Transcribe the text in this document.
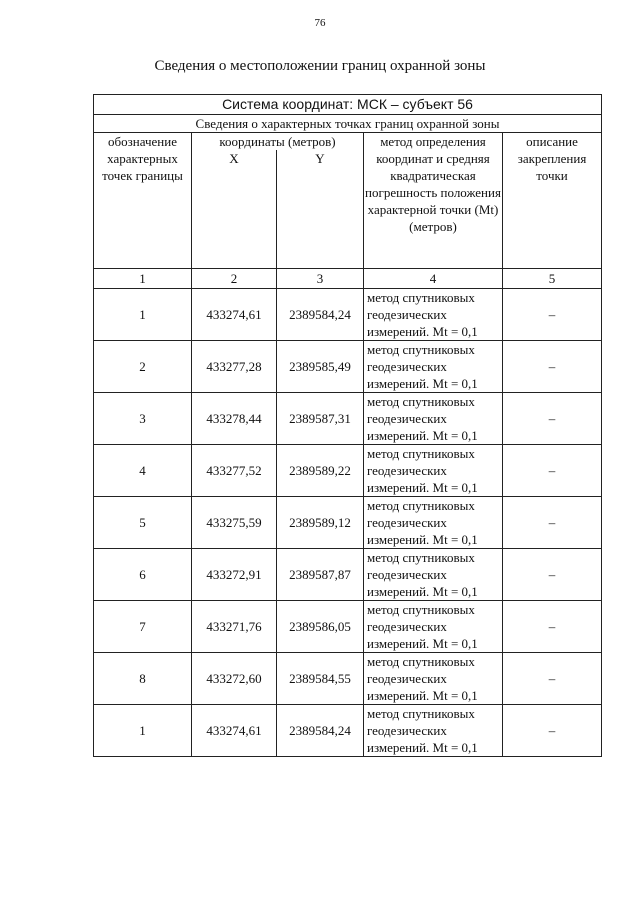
76
Сведения о местоположении границ охранной зоны
Система координат: МСК – субъект 56				
Сведения о характерных точках границ охранной зоны				
обозначение характерных точек границы	координаты (метров)		метод определения координат и средняя квадратическая погрешность положения характерной точки (Mt) (метров)	описание закрепления точки
	X	Y		
1	2	3	4	5
1	433274,61	2389584,24	метод спутниковых геодезических измерений. Mt = 0,1	–
2	433277,28	2389585,49	метод спутниковых геодезических измерений. Mt = 0,1	–
3	433278,44	2389587,31	метод спутниковых геодезических измерений. Mt = 0,1	–
4	433277,52	2389589,22	метод спутниковых геодезических измерений. Mt = 0,1	–
5	433275,59	2389589,12	метод спутниковых геодезических измерений. Mt = 0,1	–
6	433272,91	2389587,87	метод спутниковых геодезических измерений. Mt = 0,1	–
7	433271,76	2389586,05	метод спутниковых геодезических измерений. Mt = 0,1	–
8	433272,60	2389584,55	метод спутниковых геодезических измерений. Mt = 0,1	–
1	433274,61	2389584,24	метод спутниковых геодезических измерений. Mt = 0,1	–
